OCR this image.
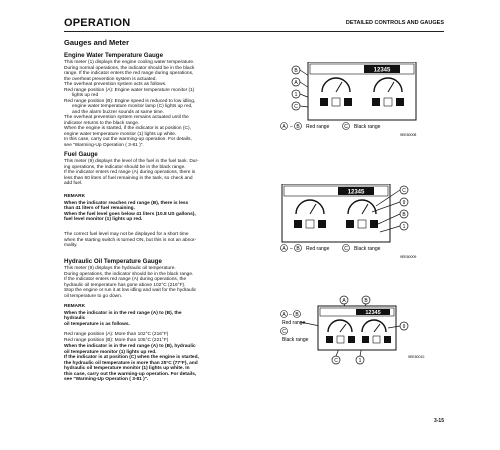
OPERATION	DETAILED CONTROLS AND GAUGES
Gauges and Meter
Engine Water Temperature Gauge

This meter (1) displays the engine cooling water temperature.

During normal operations, the indicator should be in the black

range. If the indicator enters the red range during operations,

the overheat prevention system is actuated.

The overheat prevention system acts as follows.

Red range position (A): Engine water temperature monitor (1)

lights up red

Red range position (B): Engine speed is reduced to low idling,

engine water temperature monitor lamp (C) lights up red,

and the alarm buzzer sounds at same time.

The overheat prevention system remains actuated until the

indicator returns to the black range.

When the engine is started, if the indicator is at position (C),

engine water temperature monitor (1) lights up white.

In this case, carry out the warming-up operation. For details,

see "Warming-Up Operation ( 3-81 )".

Fuel Gauge

This meter (9) displays the level of the fuel in the fuel tank. Dur-

ing operations, the indicator should be in the black range.

If the indicator enters red range (A) during operations, there is

less than 60 liters of fuel remaining in the tank, so check and

add fuel.

REMARK

When the indicator reaches red range (B), there is less

than 41 liters of fuel remaining.

When the fuel level goes below 41 liters (10.8 US gallons),

fuel level monitor (1) lights up red.

The correct fuel level may not be displayed for a short time

when the starting switch is turned ON, but this is not an abnor-

mality.

Hydraulic Oil Temperature Gauge

This meter (9) displays the hydraulic oil temperature.

During operations, the indicator should be in the black range.

If the indicator enters red range (A) during operations, the

hydraulic oil temperature has gone above 102°C (216°F).

Stop the engine or run it at low idling and wait for the hydraulic

oil temperature to go down.

REMARK

When the indicator is in the red range (A) to (B), the

hydraulic

oil temperature is as follows.

Red range position (A): More than 102°C (216°F)

Red range position (B): More than 105°C (221°F)

When the indicator is in the red range (A) to (B), hydraulic

oil temperature monitor (1) lights up red.

If the indicator is at position (C) when the engine is started,

the hydraulic oil temperature is more than 25°C (77°F), and

hydraulic oil temperature monitor (1) lights up white. In

this case, carry out the warming-up operation. For details,

see "Warming-Up Operation ( 3-81 )".

B
A
1
C
12345
A – B Red range	C Black range
9EE60008
12345	C
9
B
1
A – B Red range	C Black range
9EE60009
A	B
12345
9
C	1
A – B
Red range
C
Black range
9EE60010
3-15
